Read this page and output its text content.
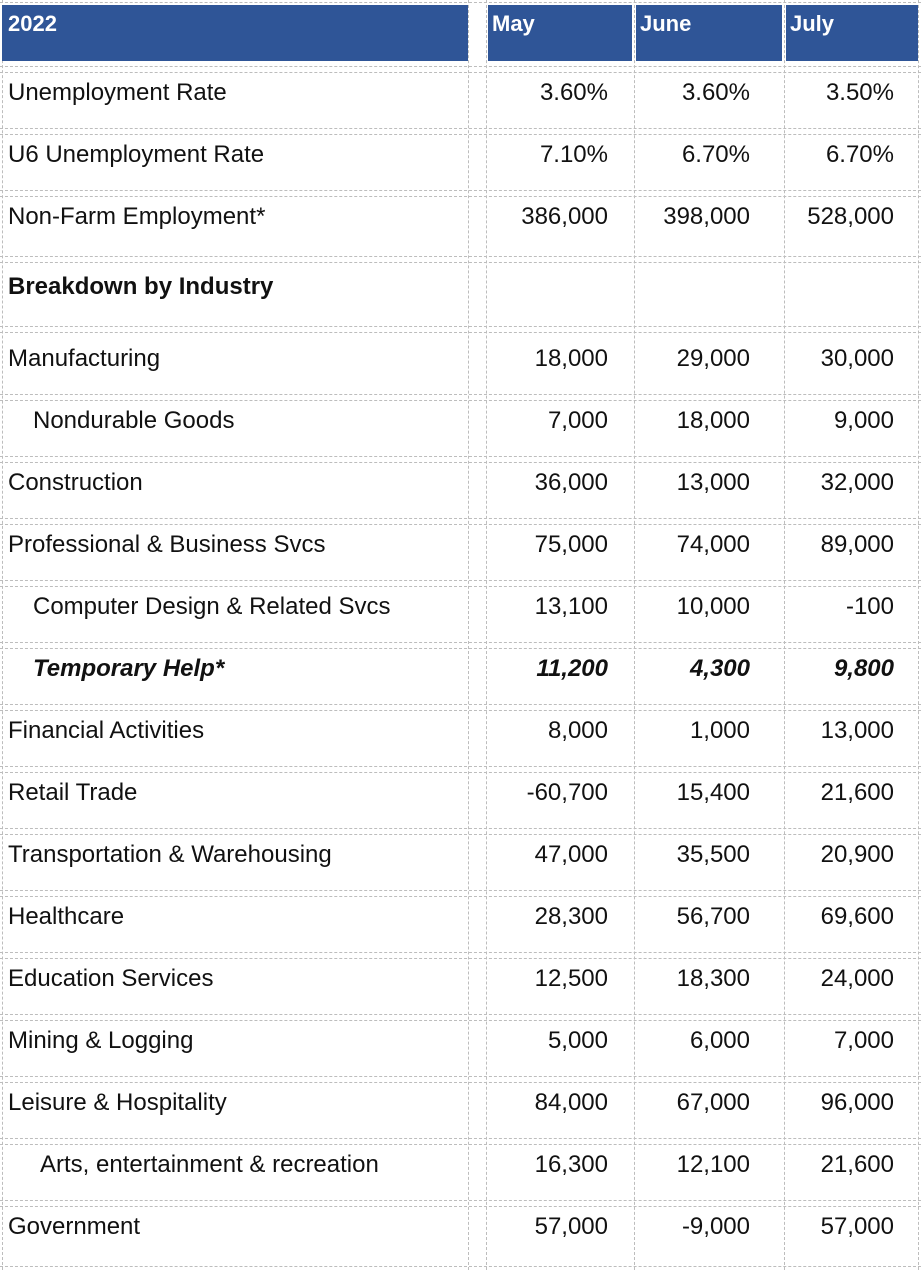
2022	May	June	July
Unemployment Rate	3.60%	3.60%	3.50%
U6 Unemployment Rate	7.10%	6.70%	6.70%
Non-Farm Employment*	386,000	398,000	528,000
Breakdown by Industry
Manufacturing	18,000	29,000	30,000
Nondurable Goods	7,000	18,000	9,000
Construction	36,000	13,000	32,000
Professional & Business Svcs	75,000	74,000	89,000
Computer Design & Related Svcs	13,100	10,000	-100
Temporary Help*	11,200	4,300	9,800
Financial Activities	8,000	1,000	13,000
Retail Trade	-60,700	15,400	21,600
Transportation & Warehousing	47,000	35,500	20,900
Healthcare	28,300	56,700	69,600
Education Services	12,500	18,300	24,000
Mining & Logging	5,000	6,000	7,000
Leisure & Hospitality	84,000	67,000	96,000
Arts, entertainment & recreation	16,300	12,100	21,600
Government	57,000	-9,000	57,000
